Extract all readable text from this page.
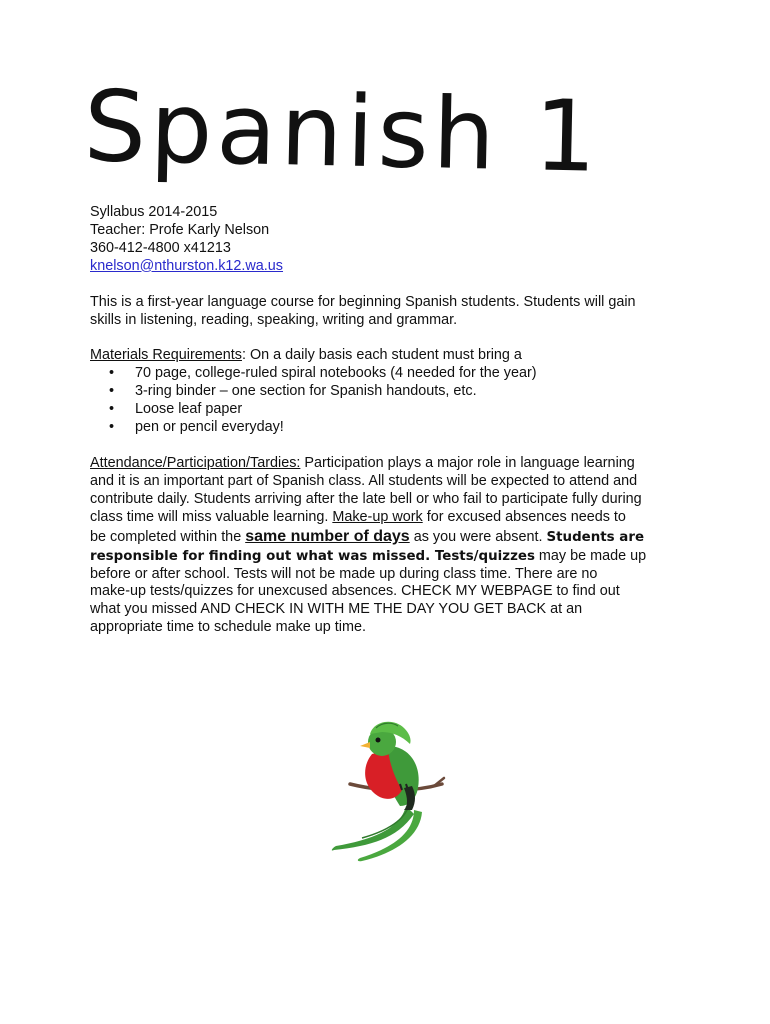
Spanish 1
Syllabus 2014-2015
Teacher: Profe Karly Nelson
360-412-4800 x41213
knelson@nthurston.k12.wa.us
This is a first-year language course for beginning Spanish students. Students will gain
skills in listening, reading, speaking, writing and grammar.
Materials Requirements: On a daily basis each student must bring a
• 70 page, college-ruled spiral notebooks (4 needed for the year)
• 3-ring binder – one section for Spanish handouts, etc.
• Loose leaf paper
• pen or pencil everyday!
Attendance/Participation/Tardies: Participation plays a major role in language learning
and it is an important part of Spanish class. All students will be expected to attend and
contribute daily. Students arriving after the late bell or who fail to participate fully during
class time will miss valuable learning. Make-up work for excused absences needs to
be completed within the same number of days as you were absent. Students are
responsible for finding out what was missed. Tests/quizzes may be made up
before or after school. Tests will not be made up during class time. There are no
make-up tests/quizzes for unexcused absences. CHECK MY WEBPAGE to find out
what you missed AND CHECK IN WITH ME THE DAY YOU GET BACK at an
appropriate time to schedule make up time.
